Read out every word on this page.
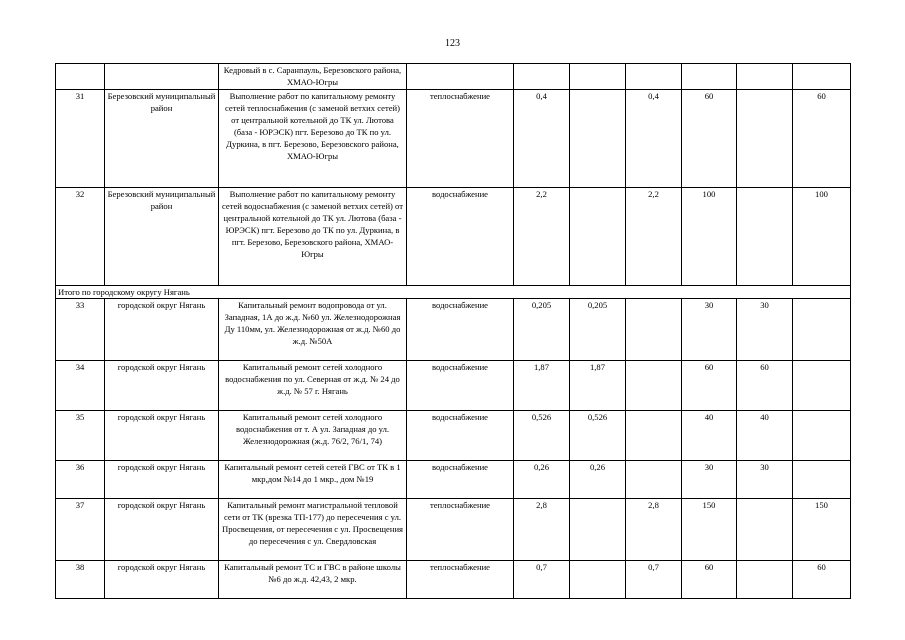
123
		Кедровый в с. Саранпауль, Березовского района, ХМАО-Югры							
31	Березовский муниципальный район	Выполнение работ по капитальному ремонту сетей теплоснабжения (с заменой ветхих сетей) от центральной котельной до ТК ул. Лютова (база - ЮРЭСК) пгт. Березово до ТК по ул. Дуркина, в пгт. Березово, Березовского района, ХМАО-Югры	теплоснабжение	0,4		0,4	60		60
32	Березовский муниципальный район	Выполнение работ по капитальному ремонту сетей водоснабжения (с заменой ветхих сетей) от центральной котельной до ТК ул. Лютова (база - ЮРЭСК) пгт. Березово до ТК по ул. Дуркина, в пгт. Березово, Березовского района, ХМАО-Югры	водоснабжение	2,2		2,2	100		100
Итого по городскому округу Нягань									
33	городской округ Нягань	Капитальный ремонт водопровода от ул. Западная, 1А до ж.д. №60 ул. Железнодорожная Ду 110мм, ул. Железнодорожная от ж.д. №60 до ж.д. №50А	водоснабжение	0,205	0,205		30	30	
34	городской округ Нягань	Капитальный ремонт сетей холодного водоснабжения по ул. Северная от ж.д. № 24 до ж.д. № 57 г. Нягань	водоснабжение	1,87	1,87		60	60	
35	городской округ Нягань	Капитальный ремонт сетей холодного водоснабжения от т. А ул. Западная до ул. Железнодорожная (ж.д. 76/2, 76/1, 74)	водоснабжение	0,526	0,526		40	40	
36	городской округ Нягань	Капитальный ремонт сетей сетей ГВС от ТК в 1 мкр,дом №14 до 1 мкр., дом №19	водоснабжение	0,26	0,26		30	30	
37	городской округ Нягань	Капитальный ремонт магистральной тепловой сети от ТК (врезка ТП-177) до пересечения с ул. Просвещения, от пересечения с ул. Просвещения до пересечения с ул. Свердловская	теплоснабжение	2,8		2,8	150		150
38	городской округ Нягань	Капитальный ремонт ТС и ГВС в районе школы №6 до ж.д. 42,43, 2 мкр.	теплоснабжение	0,7		0,7	60		60
